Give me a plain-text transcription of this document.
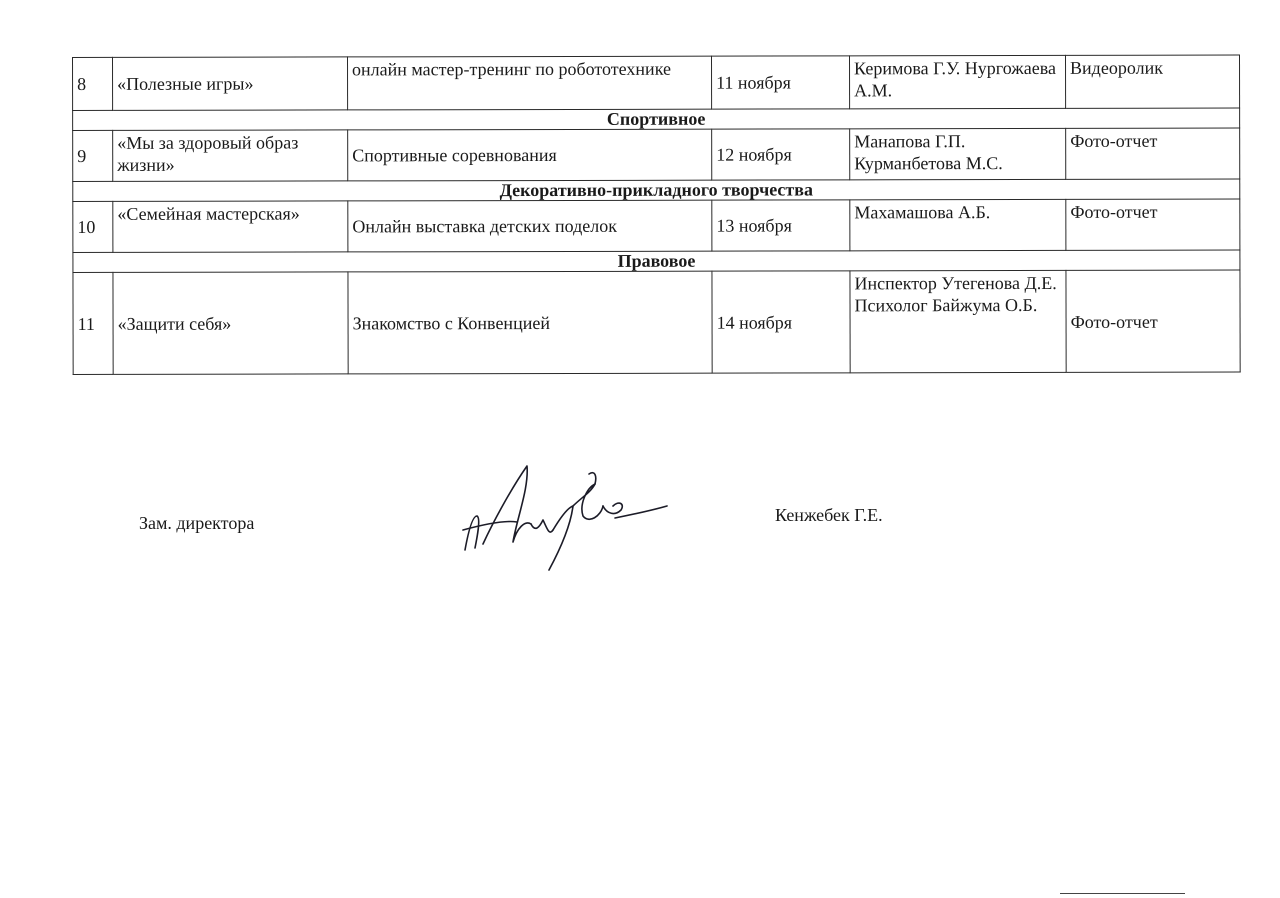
8	«Полезные игры»	онлайн мастер-тренинг по робототехнике	11 ноября	Керимова Г.У. Нургожаева А.М.	Видеоролик
Спортивное					
9	«Мы за здоровый образ жизни»	Спортивные соревнования	12 ноября	Манапова Г.П. Курманбетова М.С.	Фото-отчет
Декоративно-прикладного творчества					
10	«Семейная мастерская»	Онлайн выставка детских поделок	13 ноября	Махамашова А.Б.	Фото-отчет
Правовое					
11	«Защити себя»	Знакомство с Конвенцией	14 ноября	Инспектор Утегенова Д.Е. Психолог Байжума О.Б.	Фото-отчет
Зам. директора	Кенжебек Г.Е.
